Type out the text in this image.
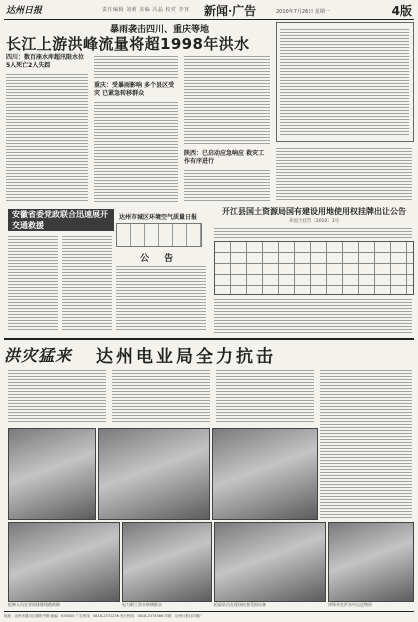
达州日报	责任编辑 刘莉 美编 冯晶 校对 李容 新闻·广告	2010年7月26日 星期一	4版
暴雨袭击四川、重庆等地
长江上游洪峰流量将超1998年洪水
四川：数百座水库超汛限水位 5人死亡2人失踪
重庆：受暴雨影响 多个县区受灾 已紧急转移群众
陕西：已启动应急响应 救灾工作有序进行
安徽省委党政联合迅速展开交通救援
达州市城区环境空气质量日报
公 告
开江县国土资源局国有建设用地使用权挂牌出让公告
开国土挂告〔2010〕1号
洪灾猛来 达州电业局全力抗击
抢修人员在冒雨排除线路故障	电力职工涉水转移群众	抢险队员在现场检查受损设备	冲锋舟在洪水中运送物资
地址：达州市通川区朝阳中路 邮编：635000 广告热线：0818-2372236 发行热线：0818-2375586 印刷：达州日报社印刷厂
